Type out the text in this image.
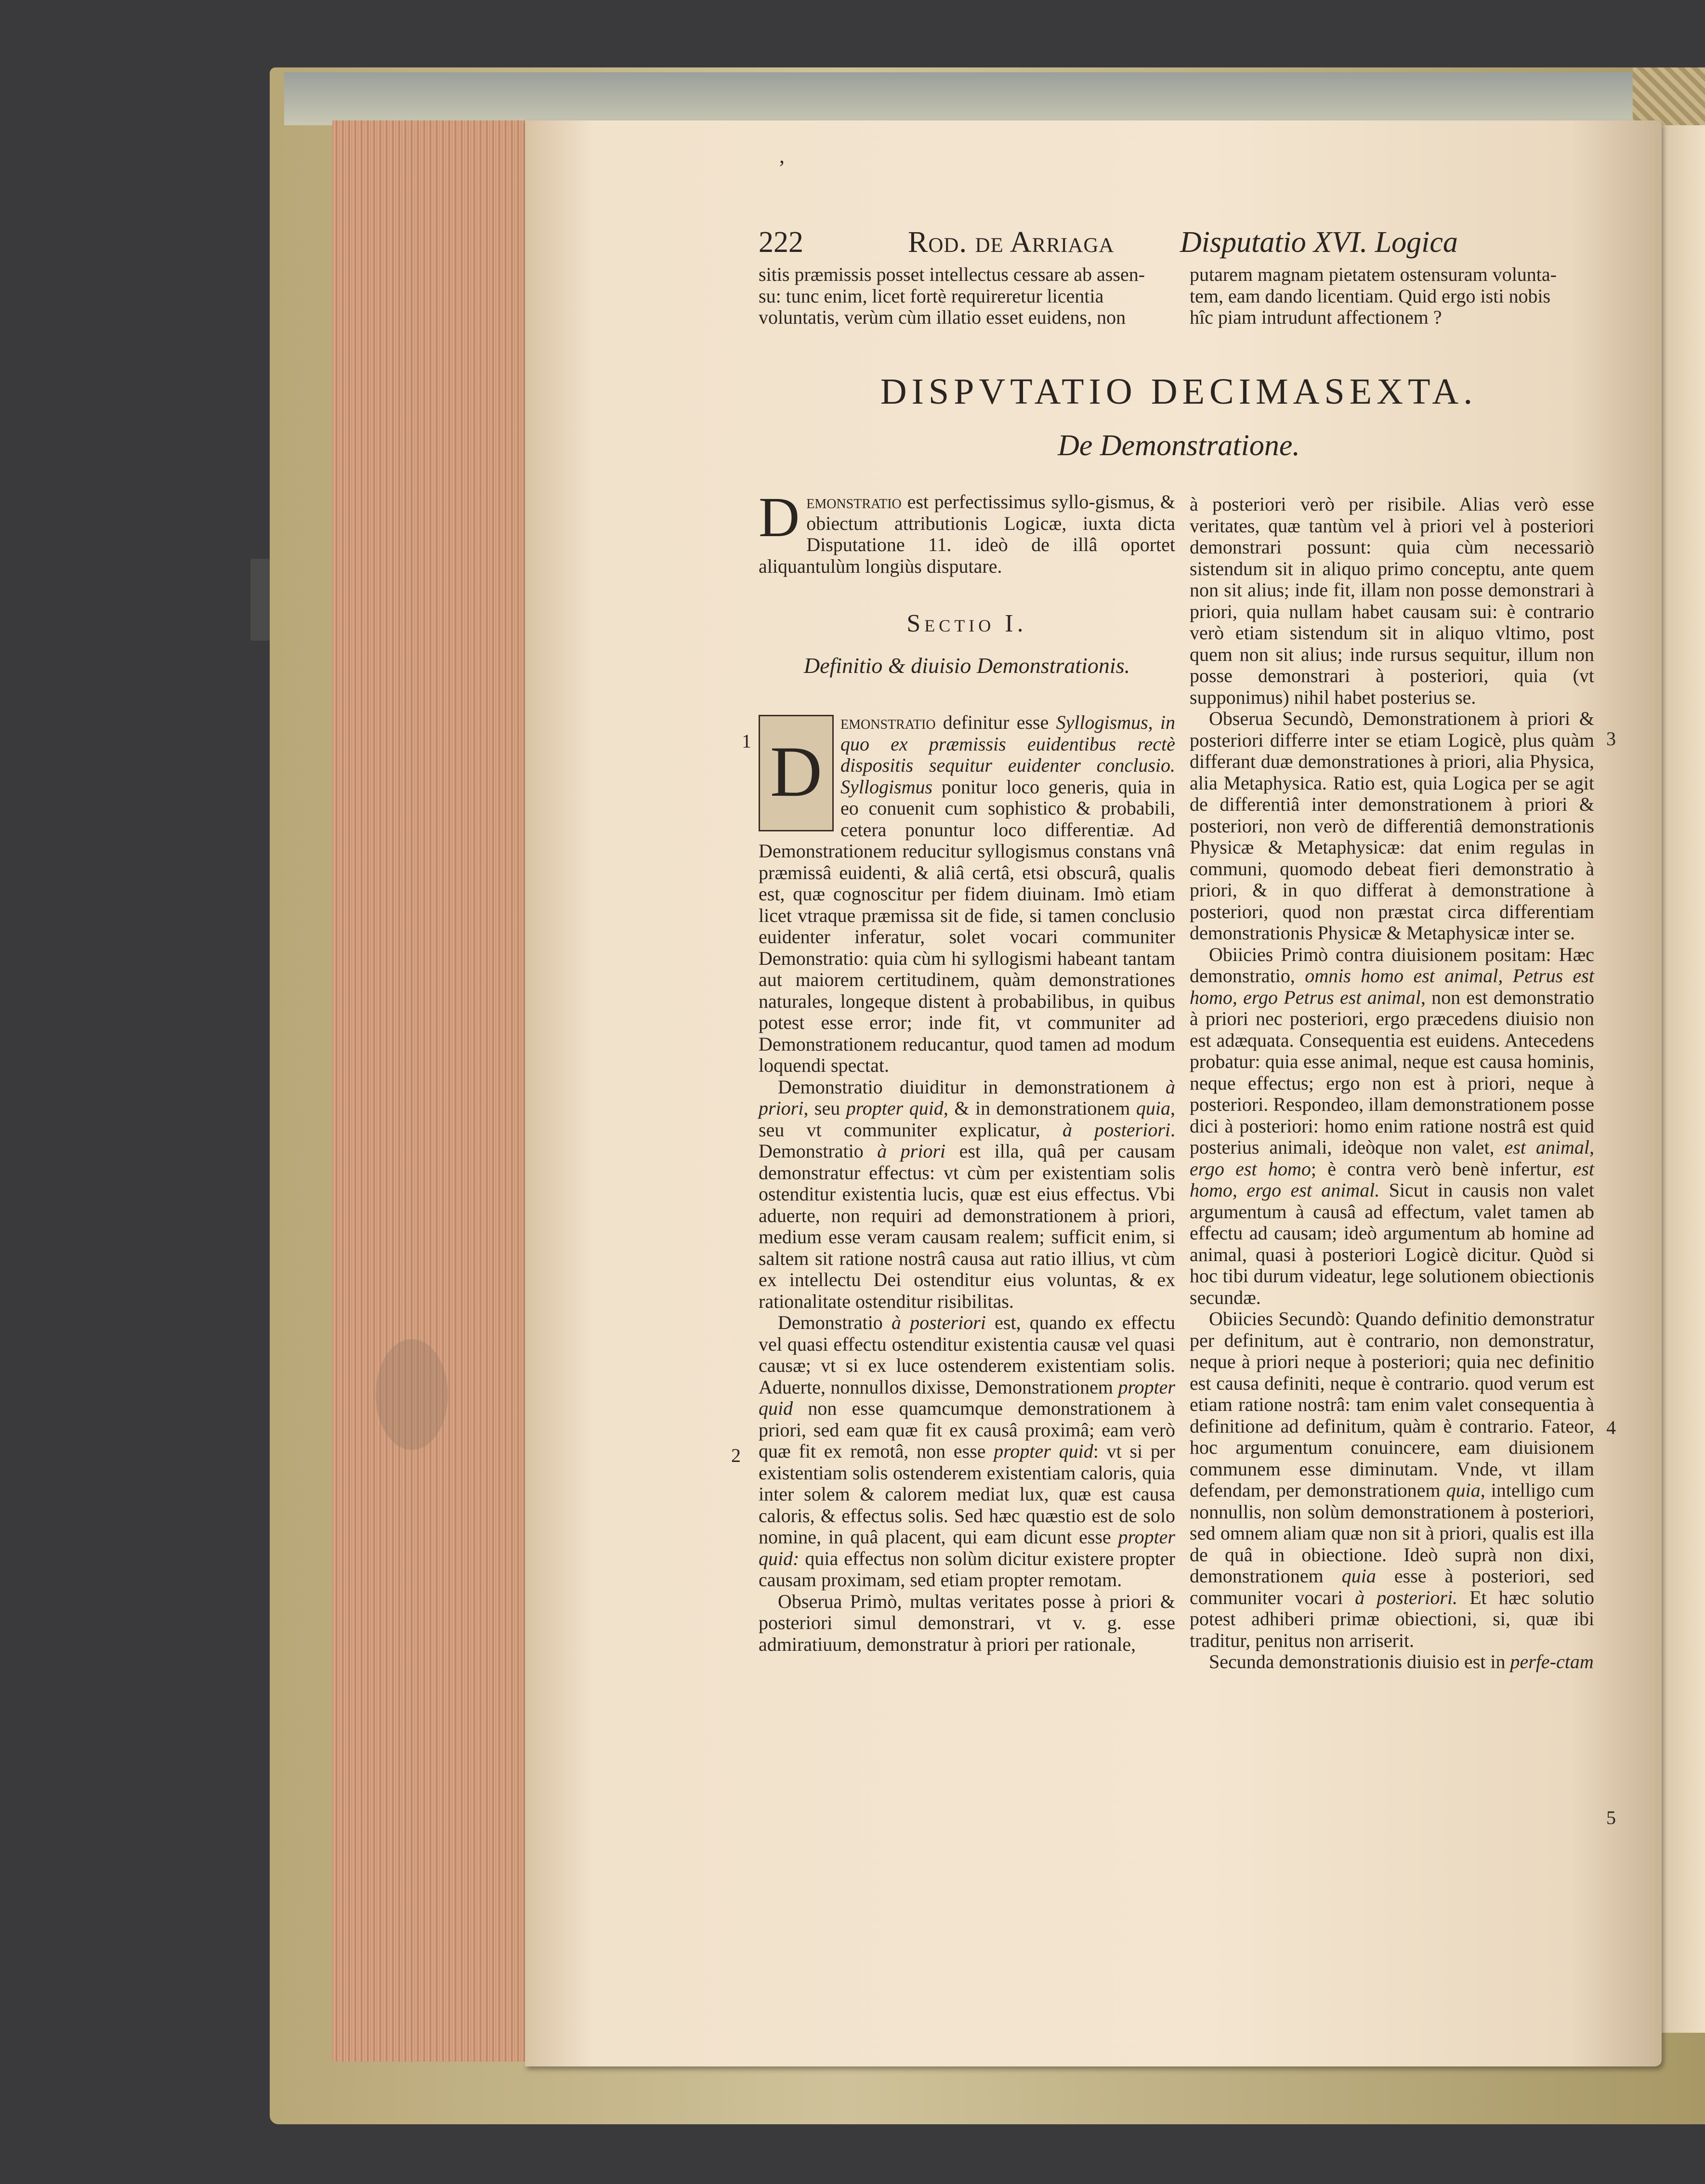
,
222	Rod. de Arriaga Disputatio XVI. Logica
sitis præmissis posset intellectus cessare ab assen-
su: tunc enim, licet fortè requireretur licentia
voluntatis, verùm cùm illatio esset euidens, non
putarem magnam pietatem ostensuram volunta-
tem, eam dando licentiam. Quid ergo isti nobis
hîc piam intrudunt affectionem ?
DISPVTATIO DECIMASEXTA.
De Demonstratione.

Demonstratio est perfectissimus syllo-gismus, & obiectum attributionis Logicæ, iuxta dicta Disputatione 11. ideò de illâ oportet aliquantulùm longiùs disputare.

Sectio I.
Definitio & diuisio Demonstrationis.

D
emonstratio definitur esse Syllogismus, in quo ex præmissis euidentibus rectè dispositis sequitur euidenter conclusio. Syllogismus ponitur loco generis, quia in eo conuenit cum sophistico & probabili, cetera ponuntur loco differentiæ. Ad Demonstrationem reducitur syllogismus constans vnâ præmissâ euidenti, & aliâ certâ, etsi obscurâ, qualis est, quæ cognoscitur per fidem diuinam. Imò etiam licet vtraque præmissa sit de fide, si tamen conclusio euidenter inferatur, solet vocari communiter Demonstratio: quia cùm hi syllogismi habeant tantam aut maiorem certitudinem, quàm demonstrationes naturales, longeque distent à probabilibus, in quibus potest esse error; inde fit, vt communiter ad Demonstrationem reducantur, quod tamen ad modum loquendi spectat.

Demonstratio diuiditur in demonstrationem à priori, seu propter quid, & in demonstrationem quia, seu vt communiter explicatur, à posteriori. Demonstratio à priori est illa, quâ per causam demonstratur effectus: vt cùm per existentiam solis ostenditur existentia lucis, quæ est eius effectus. Vbi aduerte, non requiri ad demonstrationem à priori, medium esse veram causam realem; sufficit enim, si saltem sit ratione nostrâ causa aut ratio illius, vt cùm ex intellectu Dei ostenditur eius voluntas, & ex rationalitate ostenditur risibilitas.

Demonstratio à posteriori est, quando ex effectu vel quasi effectu ostenditur existentia causæ vel quasi causæ; vt si ex luce ostenderem existentiam solis. Aduerte, nonnullos dixisse, Demonstrationem propter quid non esse quamcumque demonstrationem à priori, sed eam quæ fit ex causâ proximâ; eam verò quæ fit ex remotâ, non esse propter quid: vt si per existentiam solis ostenderem existentiam caloris, quia inter solem & calorem mediat lux, quæ est causa caloris, & effectus solis. Sed hæc quæstio est de solo nomine, in quâ placent, qui eam dicunt esse propter quid: quia effectus non solùm dicitur existere propter causam proximam, sed etiam propter remotam.

Obserua Primò, multas veritates posse à priori & posteriori simul demonstrari, vt v. g. esse admiratiuum, demonstratur à priori per rationale,

à posteriori verò per risibile. Alias verò esse veritates, quæ tantùm vel à priori vel à posteriori demonstrari possunt: quia cùm necessariò sistendum sit in aliquo primo conceptu, ante quem non sit alius; inde fit, illam non posse demonstrari à priori, quia nullam habet causam sui: è contrario verò etiam sistendum sit in aliquo vltimo, post quem non sit alius; inde rursus sequitur, illum non posse demonstrari à posteriori, quia (vt supponimus) nihil habet posterius se.

Obserua Secundò, Demonstrationem à priori & posteriori differre inter se etiam Logicè, plus quàm differant duæ demonstrationes à priori, alia Physica, alia Metaphysica. Ratio est, quia Logica per se agit de differentiâ inter demonstrationem à priori & posteriori, non verò de differentiâ demonstrationis Physicæ & Metaphysicæ: dat enim regulas in communi, quomodo debeat fieri demonstratio à priori, & in quo differat à demonstratione à posteriori, quod non præstat circa differentiam demonstrationis Physicæ & Metaphysicæ inter se.

Obiicies Primò contra diuisionem positam: Hæc demonstratio, omnis homo est animal, Petrus est homo, ergo Petrus est animal, non est demonstratio à priori nec posteriori, ergo præcedens diuisio non est adæquata. Consequentia est euidens. Antecedens probatur: quia esse animal, neque est causa hominis, neque effectus; ergo non est à priori, neque à posteriori. Respondeo, illam demonstrationem posse dici à posteriori: homo enim ratione nostrâ est quid posterius animali, ideòque non valet, est animal, ergo est homo; è contra verò benè infertur, est homo, ergo est animal. Sicut in causis non valet argumentum à causâ ad effectum, valet tamen ab effectu ad causam; ideò argumentum ab homine ad animal, quasi à posteriori Logicè dicitur. Quòd si hoc tibi durum videatur, lege solutionem obiectionis secundæ.

Obiicies Secundò: Quando definitio demonstratur per definitum, aut è contrario, non demonstratur, neque à priori neque à posteriori; quia nec definitio est causa definiti, neque è contrario. quod verum est etiam ratione nostrâ: tam enim valet consequentia à definitione ad definitum, quàm è contrario. Fateor, hoc argumentum conuincere, eam diuisionem communem esse diminutam. Vnde, vt illam defendam, per demonstrationem quia, intelligo cum nonnullis, non solùm demonstrationem à posteriori, sed omnem aliam quæ non sit à priori, qualis est illa de quâ in obiectione. Ideò suprà non dixi, demonstrationem quia esse à posteriori, sed communiter vocari à posteriori. Et hæc solutio potest adhiberi primæ obiectioni, si, quæ ibi traditur, penitus non arriserit.

Secunda demonstrationis diuisio est in perfe-ctam

1
2
3
4
5
